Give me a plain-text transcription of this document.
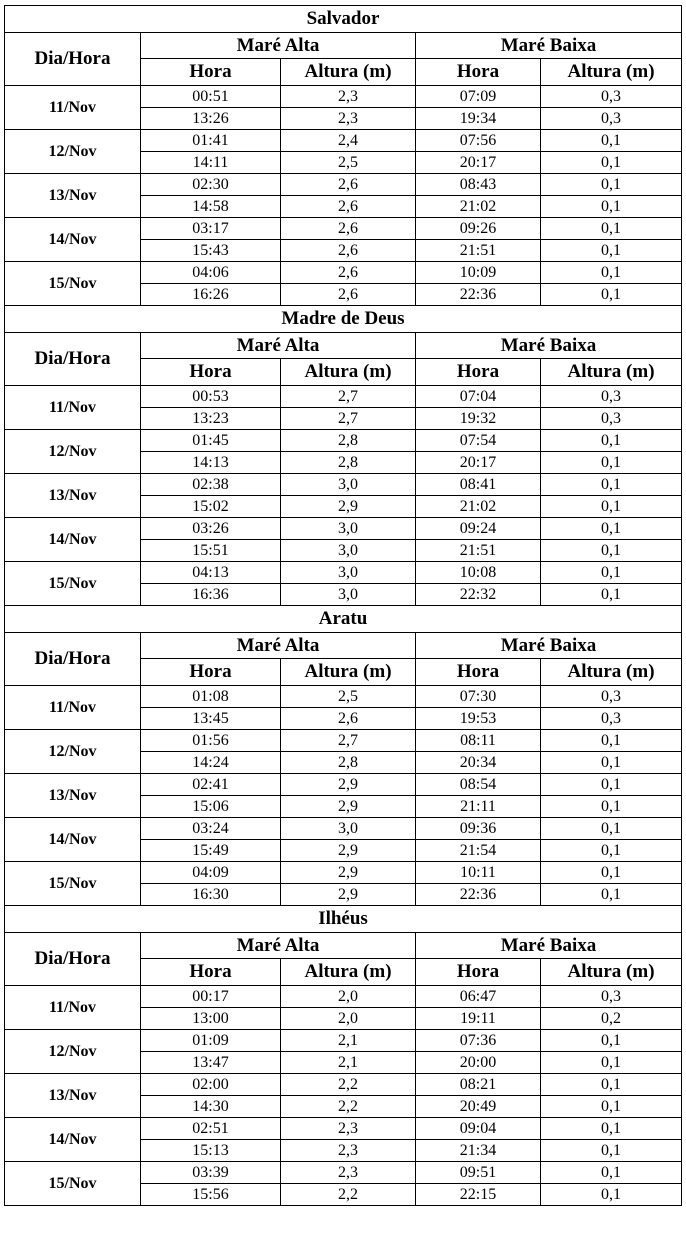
Salvador				
Dia/Hora	Maré Alta		Maré Baixa	
	Hora	Altura (m)	Hora	Altura (m)
11/Nov	00:51	2,3	07:09	0,3
	13:26	2,3	19:34	0,3
12/Nov	01:41	2,4	07:56	0,1
	14:11	2,5	20:17	0,1
13/Nov	02:30	2,6	08:43	0,1
	14:58	2,6	21:02	0,1
14/Nov	03:17	2,6	09:26	0,1
	15:43	2,6	21:51	0,1
15/Nov	04:06	2,6	10:09	0,1
	16:26	2,6	22:36	0,1
Madre de Deus				
Dia/Hora	Maré Alta		Maré Baixa	
	Hora	Altura (m)	Hora	Altura (m)
11/Nov	00:53	2,7	07:04	0,3
	13:23	2,7	19:32	0,3
12/Nov	01:45	2,8	07:54	0,1
	14:13	2,8	20:17	0,1
13/Nov	02:38	3,0	08:41	0,1
	15:02	2,9	21:02	0,1
14/Nov	03:26	3,0	09:24	0,1
	15:51	3,0	21:51	0,1
15/Nov	04:13	3,0	10:08	0,1
	16:36	3,0	22:32	0,1
Aratu				
Dia/Hora	Maré Alta		Maré Baixa	
	Hora	Altura (m)	Hora	Altura (m)
11/Nov	01:08	2,5	07:30	0,3
	13:45	2,6	19:53	0,3
12/Nov	01:56	2,7	08:11	0,1
	14:24	2,8	20:34	0,1
13/Nov	02:41	2,9	08:54	0,1
	15:06	2,9	21:11	0,1
14/Nov	03:24	3,0	09:36	0,1
	15:49	2,9	21:54	0,1
15/Nov	04:09	2,9	10:11	0,1
	16:30	2,9	22:36	0,1
Ilhéus				
Dia/Hora	Maré Alta		Maré Baixa	
	Hora	Altura (m)	Hora	Altura (m)
11/Nov	00:17	2,0	06:47	0,3
	13:00	2,0	19:11	0,2
12/Nov	01:09	2,1	07:36	0,1
	13:47	2,1	20:00	0,1
13/Nov	02:00	2,2	08:21	0,1
	14:30	2,2	20:49	0,1
14/Nov	02:51	2,3	09:04	0,1
	15:13	2,3	21:34	0,1
15/Nov	03:39	2,3	09:51	0,1
	15:56	2,2	22:15	0,1
